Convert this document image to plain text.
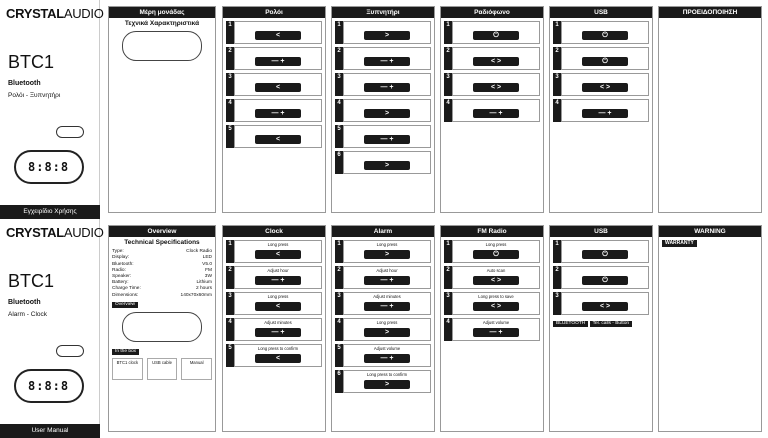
CRYSTALAUDIO
BTC1
Bluetooth
Ρολόι - Ξυπνητήρι
8:8:8
Εγχειρίδιο Χρήσης
Μέρη μονάδας
Τεχνικά Χαρακτηριστικά
Ρολόι
1
<
2
— +
3
<
4
— +
5
<
Ξυπνητήρι
1
>
2
— +
3
— +
4
>
5
— +
6
>
Ραδιόφωνο
1
⏻
2
< >
3
< >
4
— +
USB
1
⏻
2
⏻
3
< >
4
— +
ΠΡΟΕΙΔΟΠΟΙΗΣΗ
CRYSTALAUDIO
BTC1
Bluetooth
Alarm - Clock
8:8:8
User Manual
Overview
Technical Specifications
Type:	Clock Radio
Display:	LED
Bluetooth:	V5.0
Radio:	FM
Speaker:	3W
Battery:	Lithium
Charge Time:	2 hours
Dimensions:	140x70x60mm
Overview
In the box
BTC1 clock	USB cable	Manual
Clock
1	Long press
<
2	Adjust hour
— +
3	Long press
<
4	Adjust minutes
— +
5	Long press to confirm
<
Alarm
1	Long press
>
2	Adjust hour
— +
3	Adjust minutes
— +
4	Long press
>
5	Adjust volume
— +
6	Long press to confirm
>
FM Radio
1	Long press
⏻
2	Auto scan
< >
3	Long press to save
< >
4	Adjust volume
— +
USB
1
⏻
2
⏻
3
< >
BLUETOOTH Tel. calls - Button
WARNING
WARRANTY
